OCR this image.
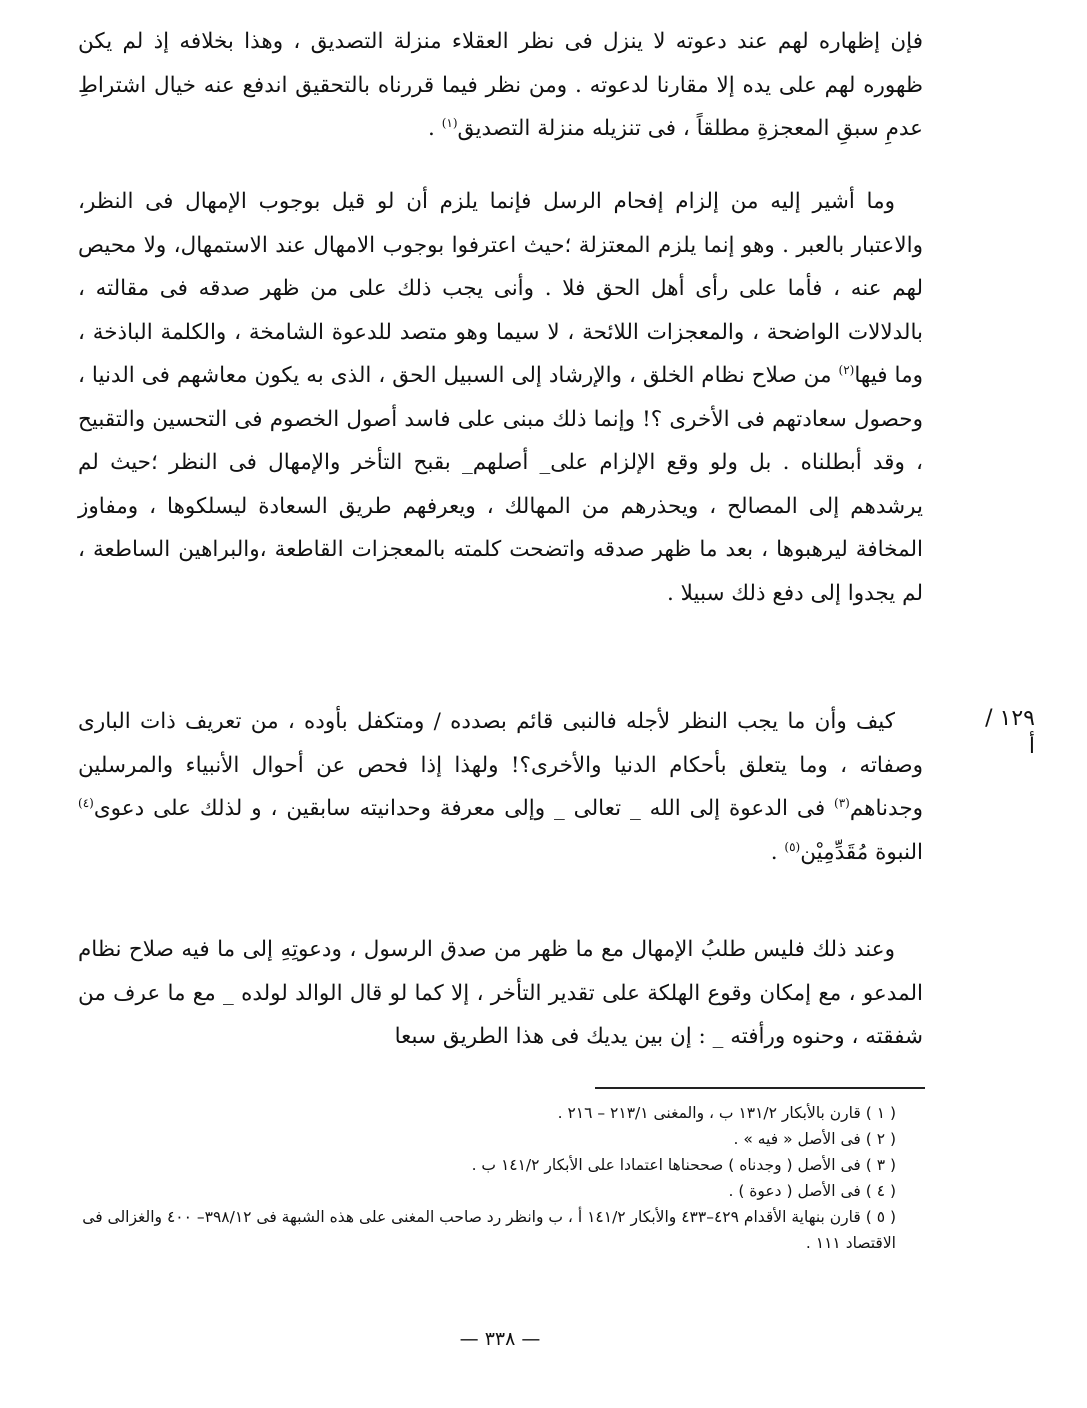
فإن إظهاره لهم عند دعوته لا ينزل فى نظر العقلاء منزلة التصديق ، وهذا بخلافه إذ لم يكن ظهوره لهم على يده إلا مقارنا لدعوته . ومن نظر فيما قررناه بالتحقيق اندفع عنه خيال اشتراطِ عدمِ سبقِ المعجزةِ مطلقاً ، فى تنزيله منزلة التصديق$^{(١)}$ .

وما أشير إليه من إلزام إفحام الرسل فإنما يلزم أن لو قيل بوجوب الإمهال فى النظر، والاعتبار بالعبر . وهو إنما يلزم المعتزلة ؛حيث اعترفوا بوجوب الامهال عند الاستمهال، ولا محيص لهم عنه ، فأما على رأى أهل الحق فلا . وأنى يجب ذلك على من ظهر صدقه فى مقالته ، بالدلالات الواضحة ، والمعجزات اللائحة ، لا سيما وهو متصد للدعوة الشامخة ، والكلمة الباذخة ، وما فيها$^{(٢)}$ من صلاح نظام الخلق ، والإرشاد إلى السبيل الحق ، الذى به يكون معاشهم فى الدنيا ، وحصول سعادتهم فى الأخرى ؟! وإنما ذلك مبنى على فاسد أصول الخصوم فى التحسين والتقبيح ، وقد أبطلناه . بل ولو وقع الإلزام على_ أصلهم_ بقبح التأخر والإمهال فى النظر ؛حيث لم يرشدهم إلى المصالح ، ويحذرهم من المهالك ، ويعرفهم طريق السعادة ليسلكوها ، ومفاوز المخافة ليرهبوها ، بعد ما ظهر صدقه واتضحت كلمته بالمعجزات القاطعة ،والبراهين الساطعة ، لم يجدوا إلى دفع ذلك سبيلا .

كيف وأن ما يجب النظر لأجله فالنبى قائم بصدده / ومتكفل بأوده ، من تعريف ذات البارى وصفاته ، وما يتعلق بأحكام الدنيا والأخرى؟! ولهذا إذا فحص عن أحوال الأنبياء والمرسلين وجدناهم$^{(٣)}$ فى الدعوة إلى الله _ تعالى _ وإلى معرفة وحدانيته سابقين ، و لذلك على دعوى$^{(٤)}$ النبوة مُقَدِّمِيْن$^{(٥)}$ .

وعند ذلك فليس طلبُ الإمهال مع ما ظهر من صدق الرسول ، ودعوتِهِ إلى ما فيه صلاح نظام المدعو ، مع إمكان وقوع الهلكة على تقدير التأخر ، إلا كما لو قال الوالد لولده _ مع ما عرف من شفقته ، وحنوه ورأفته _ : إن بين يديك فى هذا الطريق سبعا

١٢٩ / أ

( ١ ) قارن بالأبكار ١٣١/٢ ب ، والمغنى ٢١٣/١ – ٢١٦ .

( ٢ ) فى الأصل « فيه » .

( ٣ ) فى الأصل ( وجدناه ) صححناها اعتمادا على الأبكار ١٤١/٢ ب .

( ٤ ) فى الأصل ( دعوة ) .

( ٥ ) قارن بنهاية الأقدام ٤٢٩–٤٣٣ والأبكار ١٤١/٢ أ ، ب وانظر رد صاحب المغنى على هذه الشبهة فى ٣٩٨/١٢– ٤٠٠ والغزالى فى الاقتصاد ١١١ .

— ٣٣٨ —
